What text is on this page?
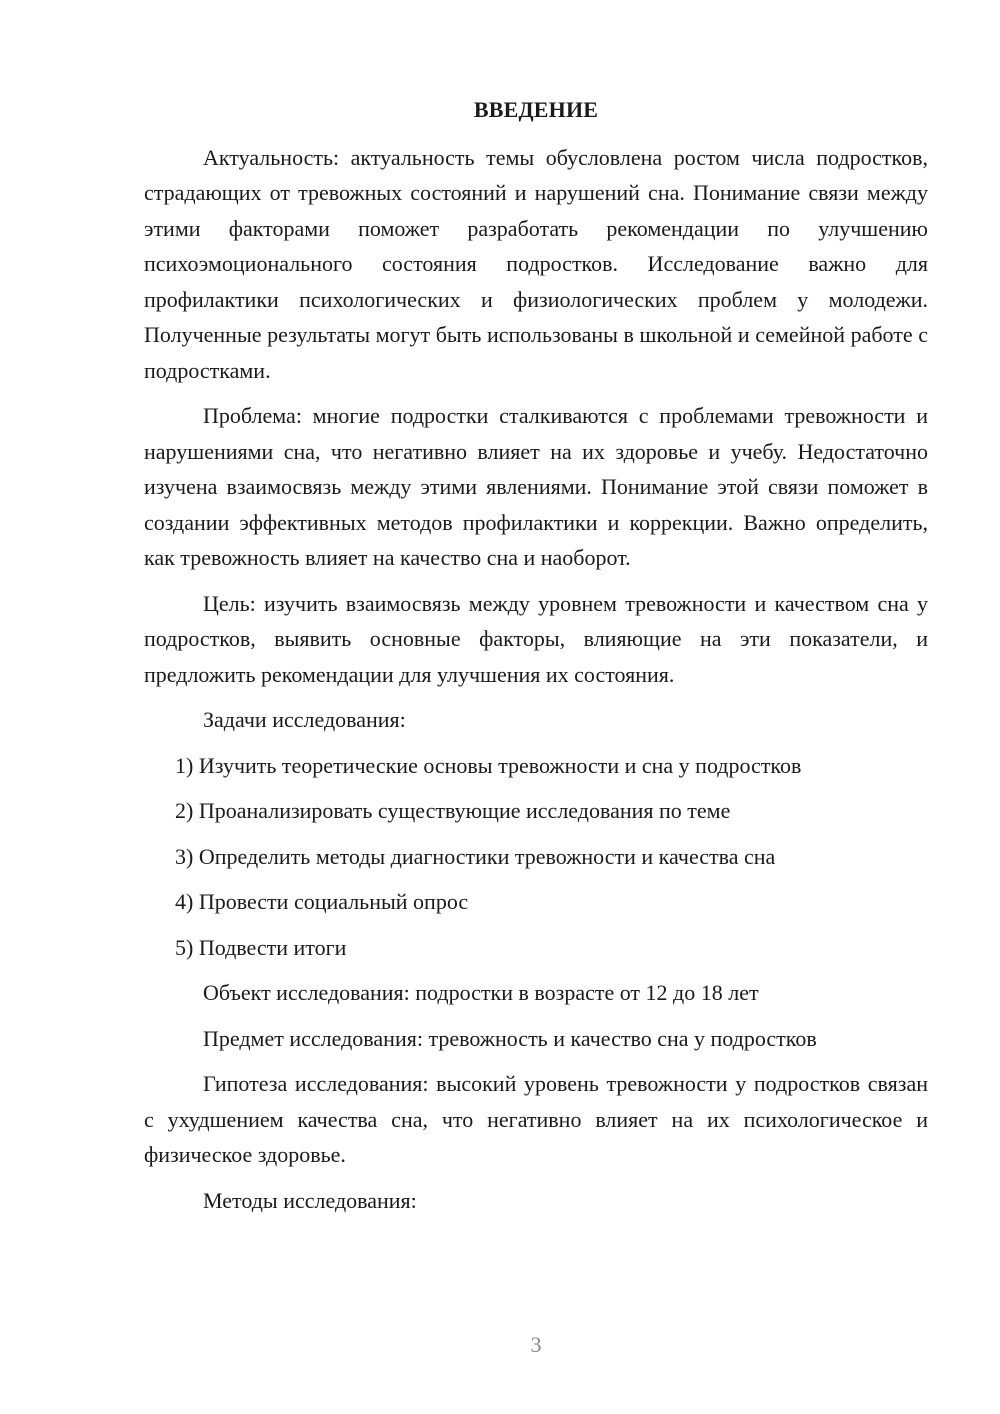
ВВЕДЕНИЕ

Актуальность: актуальность темы обусловлена ростом числа подростков, страдающих от тревожных состояний и нарушений сна. Понимание связи между этими факторами поможет разработать рекомендации по улучшению психоэмоционального состояния подростков. Исследование важно для профилактики психологических и физиологических проблем у молодежи. Полученные результаты могут быть использованы в школьной и семейной работе с подростками.

Проблема: многие подростки сталкиваются с проблемами тревожности и нарушениями сна, что негативно влияет на их здоровье и учебу. Недостаточно изучена взаимосвязь между этими явлениями. Понимание этой связи поможет в создании эффективных методов профилактики и коррекции. Важно определить, как тревожность влияет на качество сна и наоборот.

Цель: изучить взаимосвязь между уровнем тревожности и качеством сна у подростков, выявить основные факторы, влияющие на эти показатели, и предложить рекомендации для улучшения их состояния.

Задачи исследования:

1) Изучить теоретические основы тревожности и сна у подростков
2) Проанализировать существующие исследования по теме
3) Определить методы диагностики тревожности и качества сна
4) Провести социальный опрос
5) Подвести итоги

Объект исследования: подростки в возрасте от 12 до 18 лет

Предмет исследования: тревожность и качество сна у подростков

Гипотеза исследования: высокий уровень тревожности у подростков связан с ухудшением качества сна, что негативно влияет на их психологическое и физическое здоровье.

Методы исследования:

3
